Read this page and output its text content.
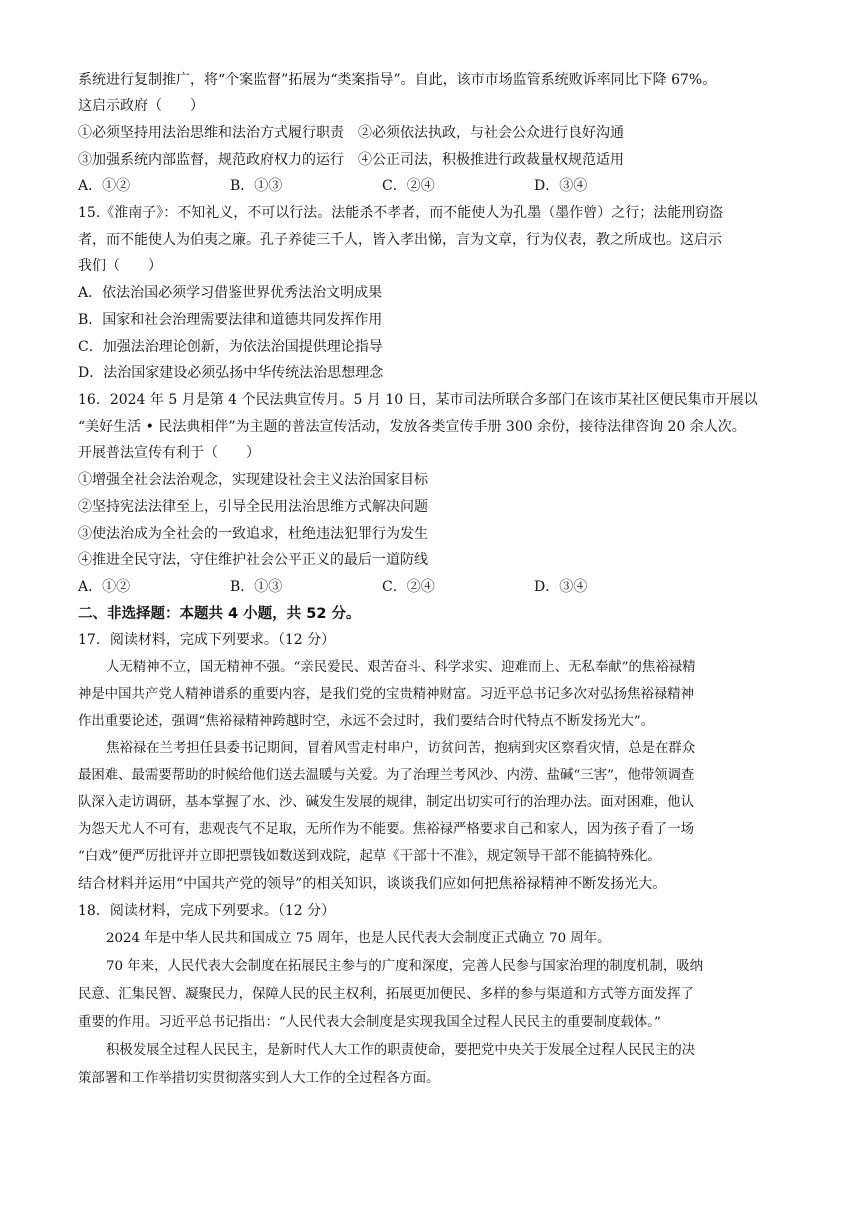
系统进行复制推广，将“个案监督”拓展为“类案指导”。自此，该市市场监管系统败诉率同比下降 67%。
这启示政府（　　）
①必须坚持用法治思维和法治方式履行职责　②必须依法执政，与社会公众进行良好沟通
③加强系统内部监督，规范政府权力的运行　④公正司法，积极推进行政裁量权规范适用
A．①②	B．①③	C．②④	D．③④
15.《淮南子》：不知礼义，不可以行法。法能杀不孝者，而不能使人为孔墨（墨作曾）之行；法能刑窃盗
者，而不能使人为伯夷之廉。孔子养徒三千人，皆入孝出悌，言为文章，行为仪表，教之所成也。这启示
我们（　　）
A．依法治国必须学习借鉴世界优秀法治文明成果
B．国家和社会治理需要法律和道德共同发挥作用
C．加强法治理论创新，为依法治国提供理论指导
D．法治国家建设必须弘扬中华传统法治思想理念
16．2024 年 5 月是第 4 个民法典宣传月。5 月 10 日，某市司法所联合多部门在该市某社区便民集市开展以
“美好生活 • 民法典相伴”为主题的普法宣传活动，发放各类宣传手册 300 余份，接待法律咨询 20 余人次。
开展普法宣传有利于（　　）
①增强全社会法治观念，实现建设社会主义法治国家目标
②坚持宪法法律至上，引导全民用法治思维方式解决问题
③使法治成为全社会的一致追求，杜绝违法犯罪行为发生
④推进全民守法，守住维护社会公平正义的最后一道防线
A．①②	B．①③	C．②④	D．③④
二、非选择题：本题共 4 小题，共 52 分。
17．阅读材料，完成下列要求。（12 分）
人无精神不立，国无精神不强。“亲民爱民、艰苦奋斗、科学求实、迎难而上、无私奉献”的焦裕禄精
神是中国共产党人精神谱系的重要内容，是我们党的宝贵精神财富。习近平总书记多次对弘扬焦裕禄精神
作出重要论述，强调“焦裕禄精神跨越时空，永远不会过时，我们要结合时代特点不断发扬光大”。
焦裕禄在兰考担任县委书记期间，冒着风雪走村串户，访贫问苦，抱病到灾区察看灾情，总是在群众
最困难、最需要帮助的时候给他们送去温暖与关爱。为了治理兰考风沙、内涝、盐碱“三害”，他带领调查
队深入走访调研，基本掌握了水、沙、碱发生发展的规律，制定出切实可行的治理办法。面对困难，他认
为怨天尤人不可有，悲观丧气不足取，无所作为不能要。焦裕禄严格要求自己和家人，因为孩子看了一场
“白戏”便严厉批评并立即把票钱如数送到戏院，起草《干部十不准》，规定领导干部不能搞特殊化。
结合材料并运用“中国共产党的领导”的相关知识，谈谈我们应如何把焦裕禄精神不断发扬光大。
18．阅读材料，完成下列要求。（12 分）
2024 年是中华人民共和国成立 75 周年，也是人民代表大会制度正式确立 70 周年。
70 年来，人民代表大会制度在拓展民主参与的广度和深度，完善人民参与国家治理的制度机制，吸纳
民意、汇集民智、凝聚民力，保障人民的民主权利，拓展更加便民、多样的参与渠道和方式等方面发挥了
重要的作用。习近平总书记指出：“人民代表大会制度是实现我国全过程人民民主的重要制度载体。”
积极发展全过程人民民主，是新时代人大工作的职责使命，要把党中央关于发展全过程人民民主的决
策部署和工作举措切实贯彻落实到人大工作的全过程各方面。
